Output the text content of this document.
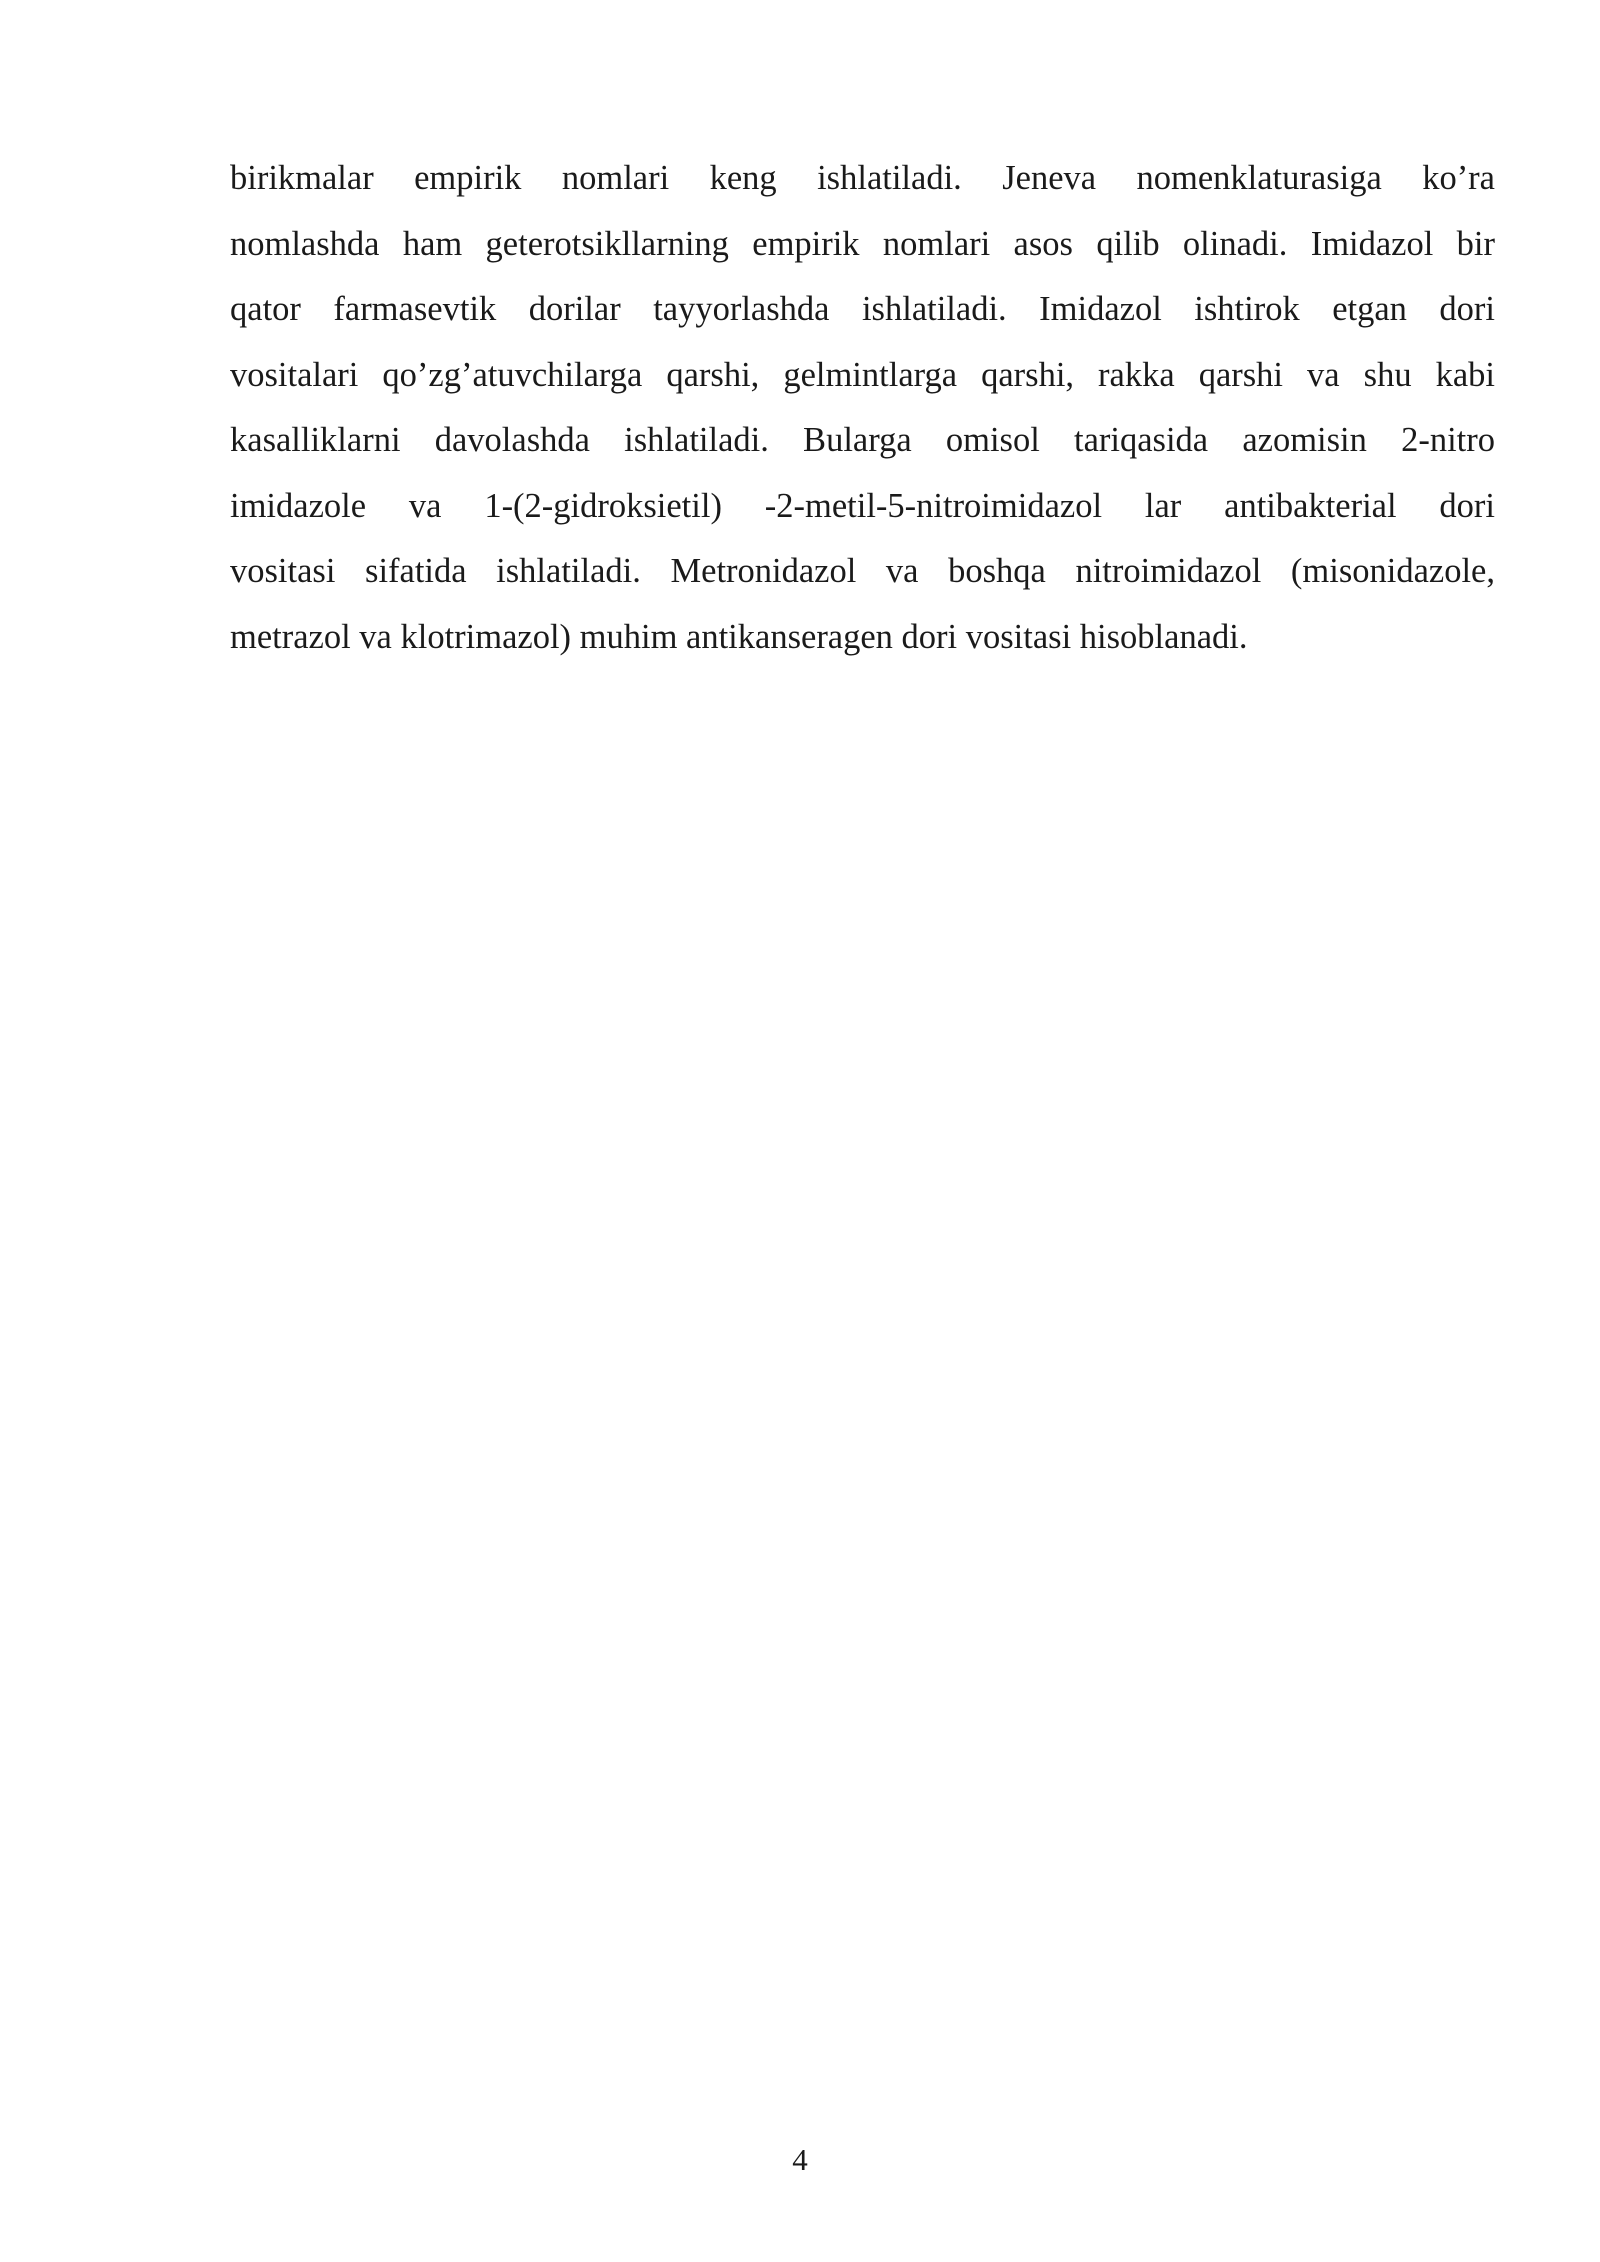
birikmalar empirik nomlari keng ishlatiladi. Jeneva nomenklaturasiga ko’ra
nomlashda ham geterotsikllarning empirik nomlari asos qilib olinadi. Imidazol bir
qator farmasevtik dorilar tayyorlashda ishlatiladi. Imidazol ishtirok etgan dori
vositalari qo’zg’atuvchilarga qarshi, gelmintlarga qarshi, rakka qarshi va shu kabi
kasalliklarni davolashda ishlatiladi. Bularga omisol tariqasida azomisin 2-nitro
imidazole va 1-(2-gidroksietil) -2-metil-5-nitroimidazol lar antibakterial dori
vositasi sifatida ishlatiladi. Metronidazol va boshqa nitroimidazol (misonidazole,
metrazol va klotrimazol) muhim antikanseragen dori vositasi hisoblanadi.
4
